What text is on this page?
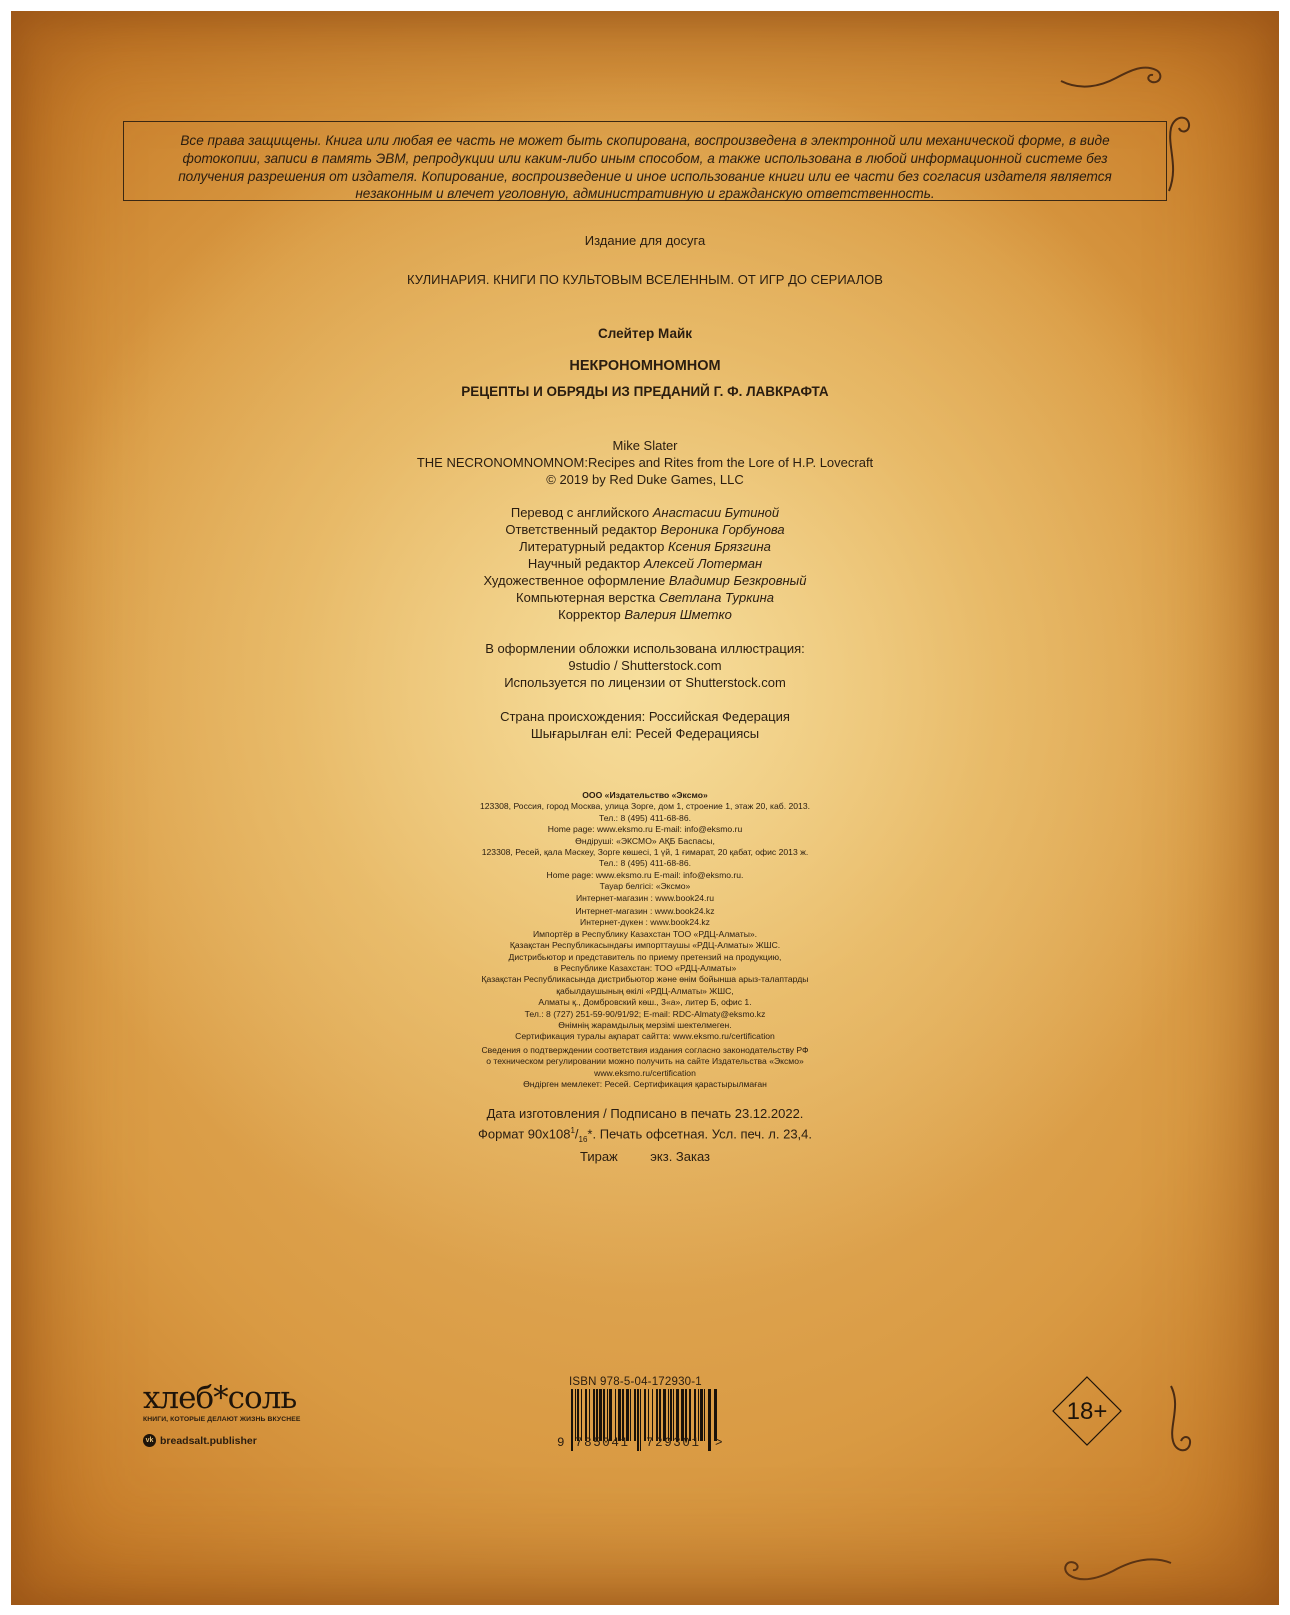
Все права защищены. Книга или любая ее часть не может быть скопирована, воспроизведена в электронной или механической форме, в виде
фотокопии, записи в память ЭВМ, репродукции или каким-либо иным способом, а также использована в любой информационной системе без
получения разрешения от издателя. Копирование, воспроизведение и иное использование книги или ее части без согласия издателя является
незаконным и влечет уголовную, административную и гражданскую ответственность.
Издание для досуга
КУЛИНАРИЯ. КНИГИ ПО КУЛЬТОВЫМ ВСЕЛЕННЫМ. ОТ ИГР ДО СЕРИАЛОВ
Слейтер Майк
НЕКРОНОМНОМНОМ
РЕЦЕПТЫ И ОБРЯДЫ ИЗ ПРЕДАНИЙ Г. Ф. ЛАВКРАФТА
Mike Slater
THE NECRONOMNOMNOM:Recipes and Rites from the Lore of H.P. Lovecraft
© 2019 by Red Duke Games, LLC
Перевод с английского Анастасии Бутиной
Ответственный редактор Вероника Горбунова
Литературный редактор Ксения Брязгина
Научный редактор Алексей Лотерман
Художественное оформление Владимир Безкровный
Компьютерная верстка Светлана Туркина
Корректор Валерия Шметко
В оформлении обложки использована иллюстрация:
9studio / Shutterstock.com
Используется по лицензии от Shutterstock.com
Страна происхождения: Российская Федерация
Шығарылған елі: Ресей Федерациясы
ООО «Издательство «Эксмо»
123308, Россия, город Москва, улица Зорге, дом 1, строение 1, этаж 20, каб. 2013.
Тел.: 8 (495) 411-68-86.
Home page: www.eksmo.ru E-mail: info@eksmo.ru
Өндіруші: «ЭКСМО» АҚБ Баспасы,
123308, Ресей, қала Мәскеу, Зорге көшесі, 1 үй, 1 ғимарат, 20 қабат, офис 2013 ж.
Тел.: 8 (495) 411-68-86.
Home page: www.eksmo.ru E-mail: info@eksmo.ru.
Тауар белгісі: «Эксмо»
Интернет-магазин : www.book24.ru
Интернет-магазин : www.book24.kz
Интернет-дүкен : www.book24.kz
Импортёр в Республику Казахстан ТОО «РДЦ-Алматы».
Қазақстан Республикасындағы импорттаушы «РДЦ-Алматы» ЖШС.
Дистрибьютор и представитель по приему претензий на продукцию,
в Республике Казахстан: ТОО «РДЦ-Алматы»
Қазақстан Республикасында дистрибьютор және өнім бойынша арыз-талаптарды
қабылдаушының өкілі «РДЦ-Алматы» ЖШС,
Алматы қ., Домбровский көш., 3«а», литер Б, офис 1.
Тел.: 8 (727) 251-59-90/91/92; E-mail: RDC-Almaty@eksmo.kz
Өнімнің жарамдылық мерзімі шектелмеген.
Сертификация туралы ақпарат сайтта: www.eksmo.ru/certification
Сведения о подтверждении соответствия издания согласно законодательству РФ
о техническом регулировании можно получить на сайте Издательства «Эксмо»
www.eksmo.ru/certification
Өндірген мемлекет: Ресей. Сертификация қарастырылмаған
Дата изготовления / Подписано в печать 23.12.2022.
Формат $90x108^1/_{16}*$. Печать офсетная. Усл. печ. л. 23,4.
Тираж         экз. Заказ
ISBN 978-5-04-172930-1
9 785041 729301 >
хлеб*соль
КНИГИ, КОТОРЫЕ ДЕЛАЮТ ЖИЗНЬ ВКУСНЕЕ
vk breadsalt.publisher
18+
